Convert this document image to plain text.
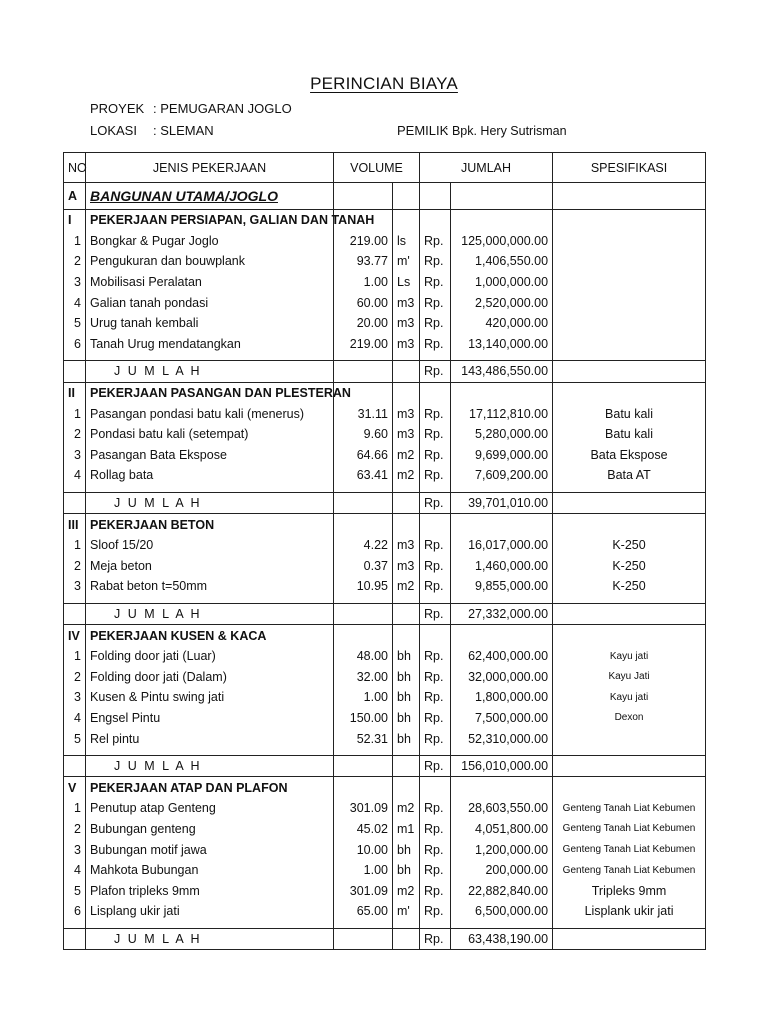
PERINCIAN BIAYA
PROYEK : PEMUGARAN JOGLO
LOKASI : SLEMAN	PEMILIK
: Bpk. Hery Sutrisman
NO	JENIS PEKERJAAN	VOLUME		JUMLAH		SPESIFIKASI
A	BANGUNAN UTAMA/JOGLO					
I	PEKERJAAN PERSIAPAN, GALIAN DAN TANAH					
1	Bongkar & Pugar Joglo	219.00	ls	Rp.	125,000,000.00	
2	Pengukuran dan bouwplank	93.77	m'	Rp.	1,406,550.00	
3	Mobilisasi Peralatan	1.00	Ls	Rp.	1,000,000.00	
4	Galian tanah pondasi	60.00	m3	Rp.	2,520,000.00	
5	Urug tanah kembali	20.00	m3	Rp.	420,000.00	
6	Tanah Urug mendatangkan	219.00	m3	Rp.	13,140,000.00	

	J U M L A H			Rp.	143,486,550.00	
II	PEKERJAAN PASANGAN DAN PLESTERAN					
1	Pasangan pondasi batu kali (menerus)	31.11	m3	Rp.	17,112,810.00	Batu kali
2	Pondasi batu kali (setempat)	9.60	m3	Rp.	5,280,000.00	Batu kali
3	Pasangan Bata Ekspose	64.66	m2	Rp.	9,699,000.00	Bata Ekspose
4	Rollag bata	63.41	m2	Rp.	7,609,200.00	Bata AT

	J U M L A H			Rp.	39,701,010.00	
III	PEKERJAAN BETON					
1	Sloof 15/20	4.22	m3	Rp.	16,017,000.00	K-250
2	Meja beton	0.37	m3	Rp.	1,460,000.00	K-250
3	Rabat beton t=50mm	10.95	m2	Rp.	9,855,000.00	K-250

	J U M L A H			Rp.	27,332,000.00	
IV	PEKERJAAN KUSEN & KACA					
1	Folding door jati (Luar)	48.00	bh	Rp.	62,400,000.00	Kayu jati
2	Folding door jati (Dalam)	32.00	bh	Rp.	32,000,000.00	Kayu Jati
3	Kusen & Pintu swing jati	1.00	bh	Rp.	1,800,000.00	Kayu jati
4	Engsel Pintu	150.00	bh	Rp.	7,500,000.00	Dexon
5	Rel pintu	52.31	bh	Rp.	52,310,000.00	

	J U M L A H			Rp.	156,010,000.00	
V	PEKERJAAN ATAP DAN PLAFON					
1	Penutup atap Genteng	301.09	m2	Rp.	28,603,550.00	Genteng Tanah Liat Kebumen
2	Bubungan genteng	45.02	m1	Rp.	4,051,800.00	Genteng Tanah Liat Kebumen
3	Bubungan motif jawa	10.00	bh	Rp.	1,200,000.00	Genteng Tanah Liat Kebumen
4	Mahkota Bubungan	1.00	bh	Rp.	200,000.00	Genteng Tanah Liat Kebumen
5	Plafon tripleks 9mm	301.09	m2	Rp.	22,882,840.00	Tripleks 9mm
6	Lisplang ukir jati	65.00	m'	Rp.	6,500,000.00	Lisplank ukir jati

	J U M L A H			Rp.	63,438,190.00	
